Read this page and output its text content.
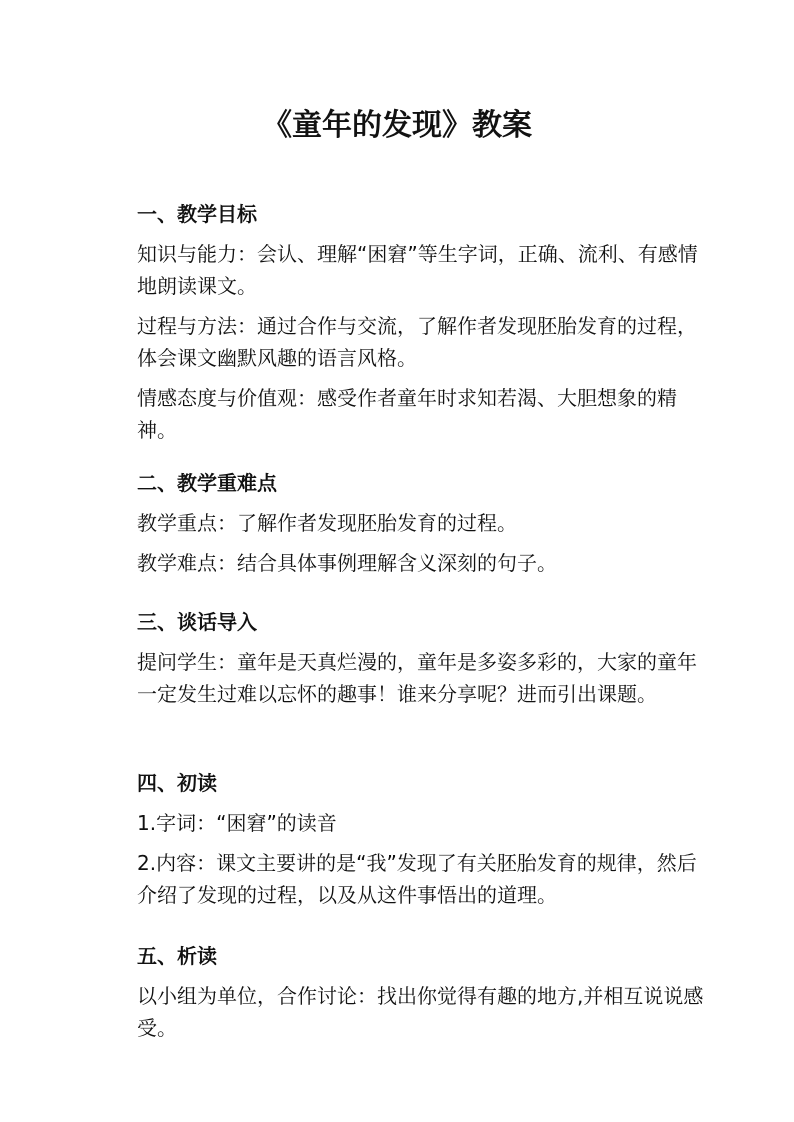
《童年的发现》教案
一、教学目标
知识与能力：会认、理解“困窘”等生字词，正确、流利、有感情地朗读课文。
过程与方法：通过合作与交流，了解作者发现胚胎发育的过程，体会课文幽默风趣的语言风格。
情感态度与价值观：感受作者童年时求知若渴、大胆想象的精神。
二、教学重难点
教学重点：了解作者发现胚胎发育的过程。
教学难点：结合具体事例理解含义深刻的句子。
三、谈话导入
提问学生：童年是天真烂漫的，童年是多姿多彩的，大家的童年一定发生过难以忘怀的趣事！谁来分享呢？进而引出课题。
四、初读
1.字词：“困窘”的读音
2.内容：课文主要讲的是“我”发现了有关胚胎发育的规律，然后介绍了发现的过程，以及从这件事悟出的道理。
五、析读
以小组为单位，合作讨论：找出你觉得有趣的地方,并相互说说感受。
